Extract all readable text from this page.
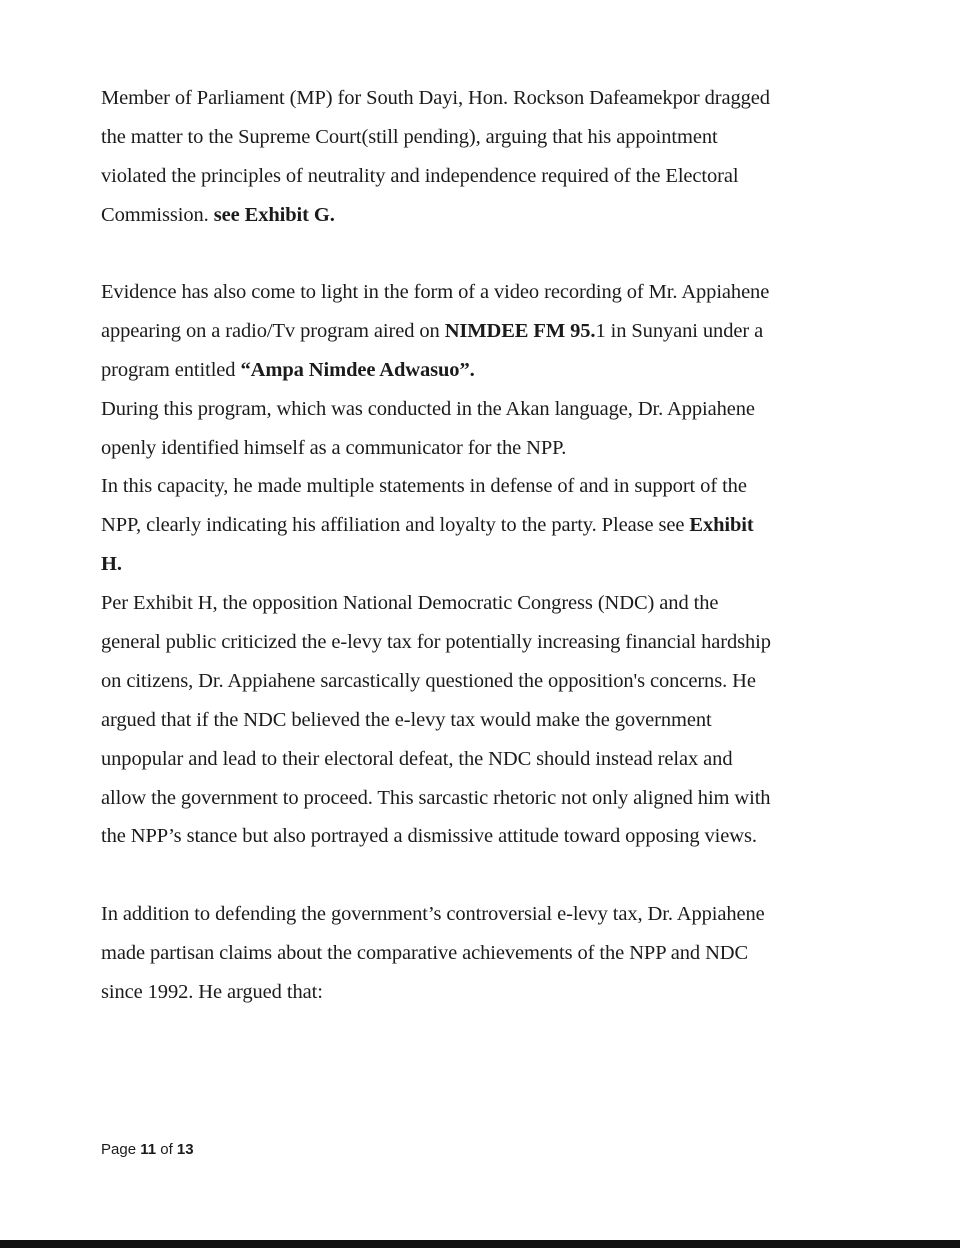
Member of Parliament (MP) for South Dayi, Hon. Rockson Dafeamekpor dragged
the matter to the Supreme Court(still pending), arguing that his appointment
violated the principles of neutrality and independence required of the Electoral
Commission. see Exhibit G.
Evidence has also come to light in the form of a video recording of Mr. Appiahene
appearing on a radio/Tv program aired on NIMDEE FM 95.1 in Sunyani under a
program entitled “Ampa Nimdee Adwasuo”.
During this program, which was conducted in the Akan language, Dr. Appiahene
openly identified himself as a communicator for the NPP.
In this capacity, he made multiple statements in defense of and in support of the
NPP, clearly indicating his affiliation and loyalty to the party. Please see Exhibit
H.
Per Exhibit H, the opposition National Democratic Congress (NDC) and the
general public criticized the e-levy tax for potentially increasing financial hardship
on citizens, Dr. Appiahene sarcastically questioned the opposition's concerns. He
argued that if the NDC believed the e-levy tax would make the government
unpopular and lead to their electoral defeat, the NDC should instead relax and
allow the government to proceed. This sarcastic rhetoric not only aligned him with
the NPP’s stance but also portrayed a dismissive attitude toward opposing views.
In addition to defending the government’s controversial e-levy tax, Dr. Appiahene
made partisan claims about the comparative achievements of the NPP and NDC
since 1992. He argued that:
Page 11 of 13
